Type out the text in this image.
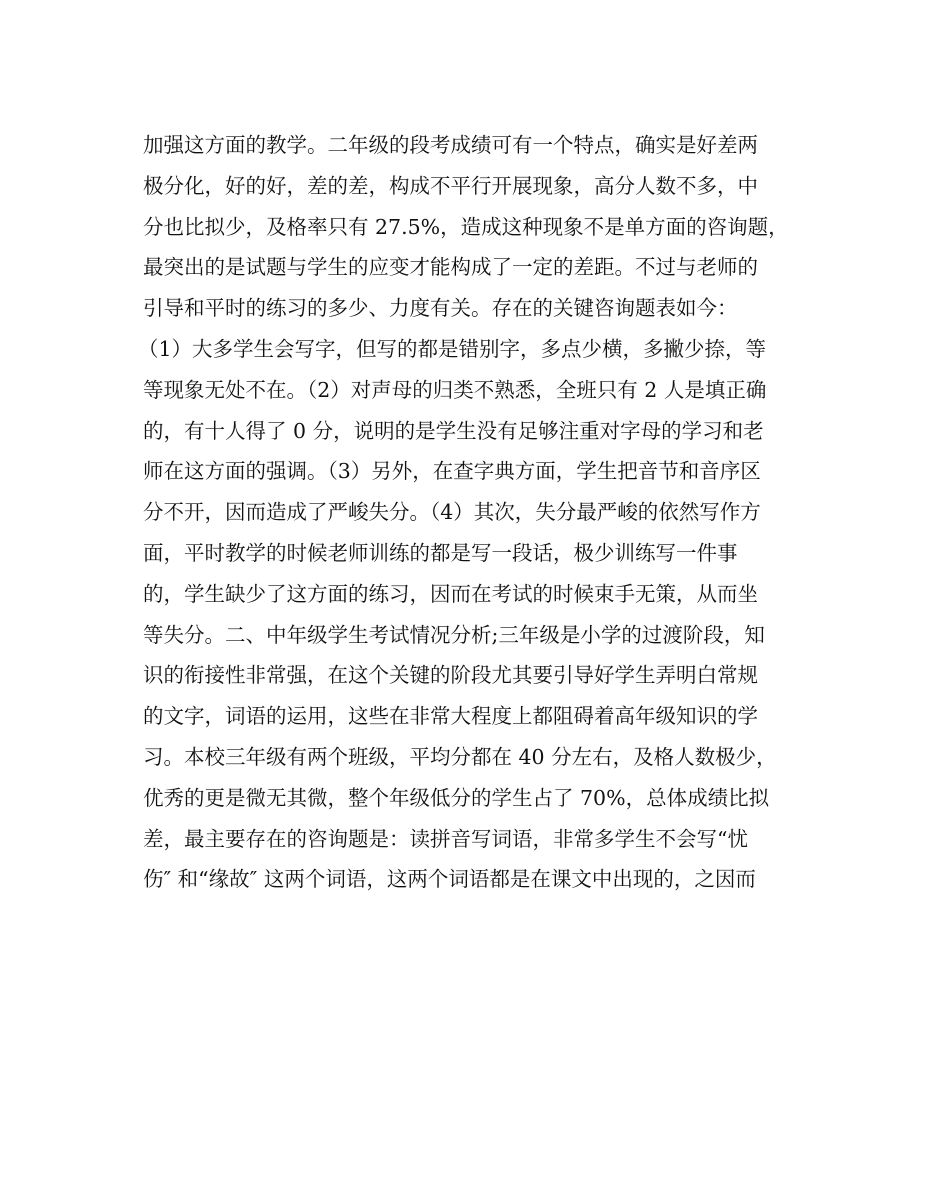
加强这方面的教学。二年级的段考成绩可有一个特点，确实是好差两
极分化，好的好，差的差，构成不平行开展现象，高分人数不多，中
分也比拟少，及格率只有 27.5%，造成这种现象不是单方面的咨询题，
最突出的是试题与学生的应变才能构成了一定的差距。不过与老师的
引导和平时的练习的多少、力度有关。存在的关键咨询题表如今：
（1）大多学生会写字，但写的都是错别字，多点少横，多撇少捺，等
等现象无处不在。（2）对声母的归类不熟悉，全班只有 2 人是填正确
的，有十人得了 0 分，说明的是学生没有足够注重对字母的学习和老
师在这方面的强调。（3）另外，在查字典方面，学生把音节和音序区
分不开，因而造成了严峻失分。（4）其次，失分最严峻的依然写作方
面，平时教学的时候老师训练的都是写一段话，极少训练写一件事
的，学生缺少了这方面的练习，因而在考试的时候束手无策，从而坐
等失分。二、中年级学生考试情况分析;三年级是小学的过渡阶段，知
识的衔接性非常强，在这个关键的阶段尤其要引导好学生弄明白常规
的文字，词语的运用，这些在非常大程度上都阻碍着高年级知识的学
习。本校三年级有两个班级，平均分都在 40 分左右，及格人数极少，
优秀的更是微无其微，整个年级低分的学生占了 70%，总体成绩比拟
差，最主要存在的咨询题是：读拼音写词语，非常多学生不会写“忧
伤″ 和“缘故″ 这两个词语，这两个词语都是在课文中出现的，之因而
